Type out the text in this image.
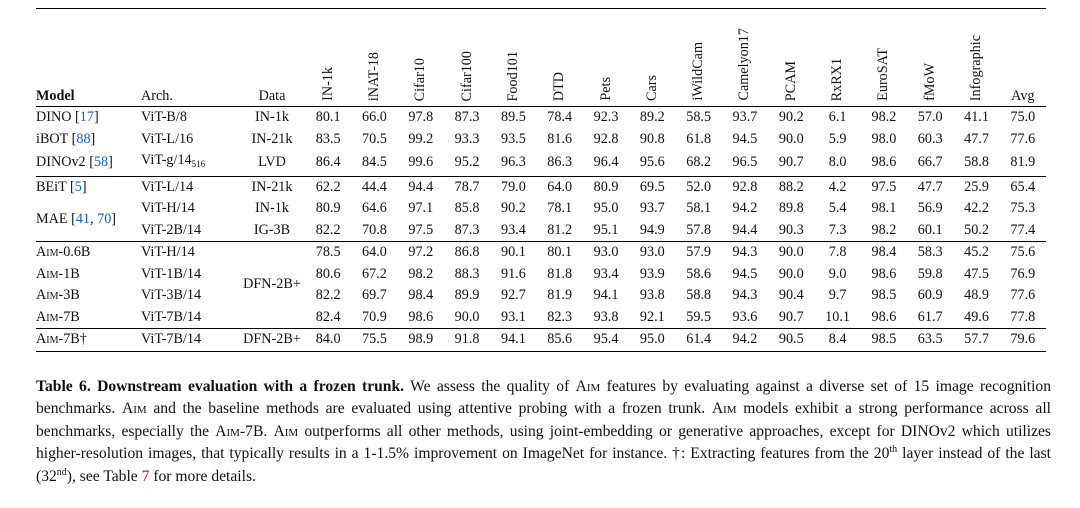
Model	Arch.	Data	IN-1k	iNAT-18	Cifar10	Cifar100	Food101	DTD	Pets	Cars	iWildCam	Camelyon17	PCAM	RxRX1	EuroSAT	fMoW	Infographic	Avg
DINO [17]	ViT-B/8	IN-1k	80.1	66.0	97.8	87.3	89.5	78.4	92.3	89.2	58.5	93.7	90.2	6.1	98.2	57.0	41.1	75.0
iBOT [88]	ViT-L/16	IN-21k	83.5	70.5	99.2	93.3	93.5	81.6	92.8	90.8	61.8	94.5	90.0	5.9	98.0	60.3	47.7	77.6
DINOv2 [58]	ViT-$g/14_{516}$	LVD	86.4	84.5	99.6	95.2	96.3	86.3	96.4	95.6	68.2	96.5	90.7	8.0	98.6	66.7	58.8	81.9
BEiT [5]	ViT-L/14	IN-21k	62.2	44.4	94.4	78.7	79.0	64.0	80.9	69.5	52.0	92.8	88.2	4.2	97.5	47.7	25.9	65.4
MAE [41, 70]	ViT-H/14	IN-1k	80.9	64.6	97.1	85.8	90.2	78.1	95.0	93.7	58.1	94.2	89.8	5.4	98.1	56.9	42.2	75.3
	ViT-2B/14	IG-3B	82.2	70.8	97.5	87.3	93.4	81.2	95.1	94.9	57.8	94.4	90.3	7.3	98.2	60.1	50.2	77.4
Aim-0.6B	ViT-H/14	DFN-2B+	78.5	64.0	97.2	86.8	90.1	80.1	93.0	93.0	57.9	94.3	90.0	7.8	98.4	58.3	45.2	75.6
Aim-1B	ViT-1B/14		80.6	67.2	98.2	88.3	91.6	81.8	93.4	93.9	58.6	94.5	90.0	9.0	98.6	59.8	47.5	76.9
Aim-3B	ViT-3B/14		82.2	69.7	98.4	89.9	92.7	81.9	94.1	93.8	58.8	94.3	90.4	9.7	98.5	60.9	48.9	77.6
Aim-7B	ViT-7B/14		82.4	70.9	98.6	90.0	93.1	82.3	93.8	92.1	59.5	93.6	90.7	10.1	98.6	61.7	49.6	77.8
Aim-7B†	ViT-7B/14	DFN-2B+	84.0	75.5	98.9	91.8	94.1	85.6	95.4	95.0	61.4	94.2	90.5	8.4	98.5	63.5	57.7	79.6
Table 6. Downstream evaluation with a frozen trunk. We assess the quality of Aim features by evaluating against a diverse set of 15 image recognition benchmarks. Aim and the baseline methods are evaluated using attentive probing with a frozen trunk. Aim models exhibit a strong performance across all benchmarks, especially the Aim-7B. Aim outperforms all other methods, using joint-embedding or generative approaches, except for DINOv2 which utilizes higher-resolution images, that typically results in a 1-1.5% improvement on ImageNet for instance. †: Extracting features from the 20th layer instead of the last (32nd), see Table 7 for more details.
